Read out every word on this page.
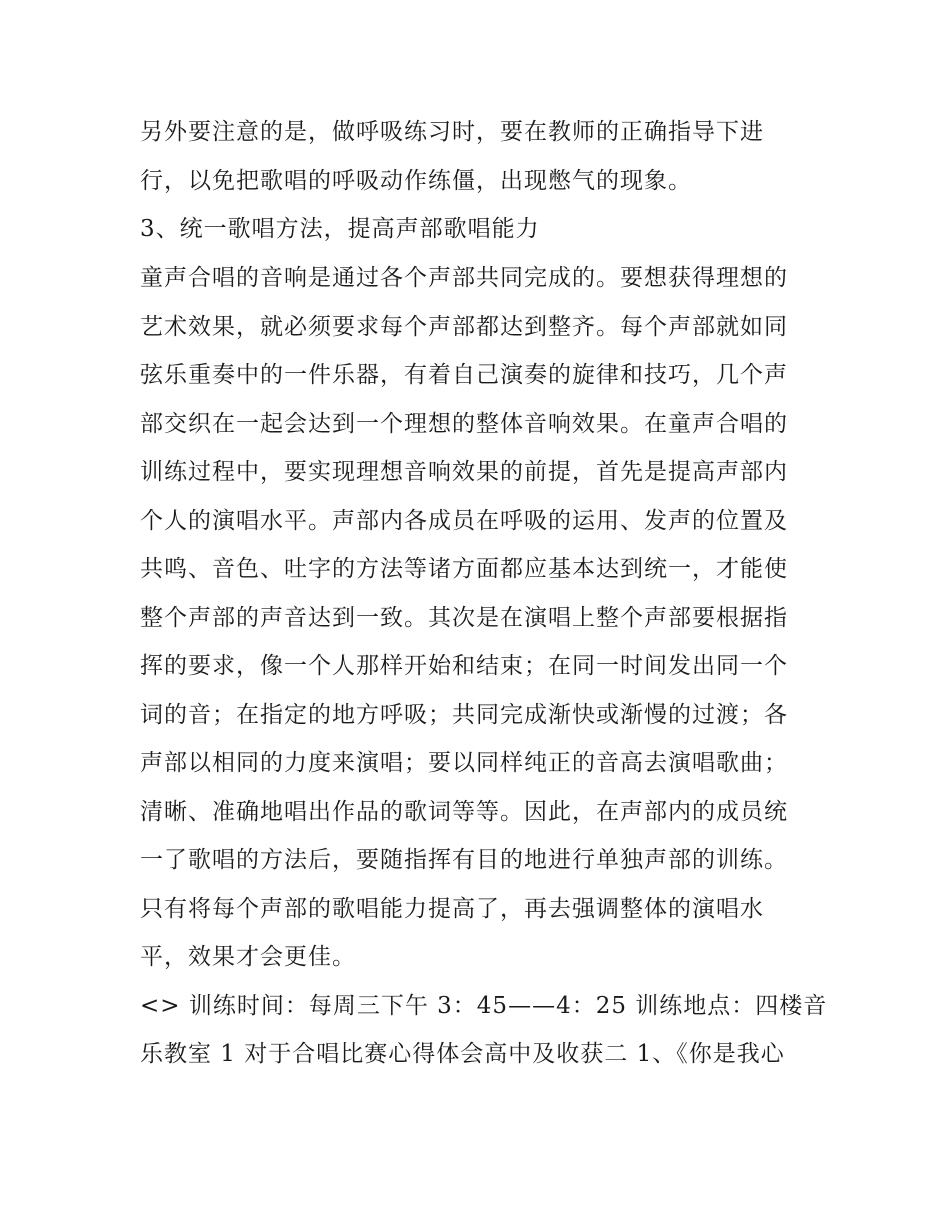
另外要注意的是，做呼吸练习时，要在教师的正确指导下进
行，以免把歌唱的呼吸动作练僵，出现憋气的现象。
3、统一歌唱方法，提高声部歌唱能力
童声合唱的音响是通过各个声部共同完成的。要想获得理想的
艺术效果，就必须要求每个声部都达到整齐。每个声部就如同
弦乐重奏中的一件乐器，有着自己演奏的旋律和技巧，几个声
部交织在一起会达到一个理想的整体音响效果。在童声合唱的
训练过程中，要实现理想音响效果的前提，首先是提高声部内
个人的演唱水平。声部内各成员在呼吸的运用、发声的位置及
共鸣、音色、吐字的方法等诸方面都应基本达到统一，才能使
整个声部的声音达到一致。其次是在演唱上整个声部要根据指
挥的要求，像一个人那样开始和结束；在同一时间发出同一个
词的音；在指定的地方呼吸；共同完成渐快或渐慢的过渡；各
声部以相同的力度来演唱；要以同样纯正的音高去演唱歌曲；
清晰、准确地唱出作品的歌词等等。因此，在声部内的成员统
一了歌唱的方法后，要随指挥有目的地进行单独声部的训练。
只有将每个声部的歌唱能力提高了，再去强调整体的演唱水
平，效果才会更佳。
<> 训练时间：每周三下午 3：45——4：25 训练地点：四楼音
乐教室 1 对于合唱比赛心得体会高中及收获二 1、《你是我心
